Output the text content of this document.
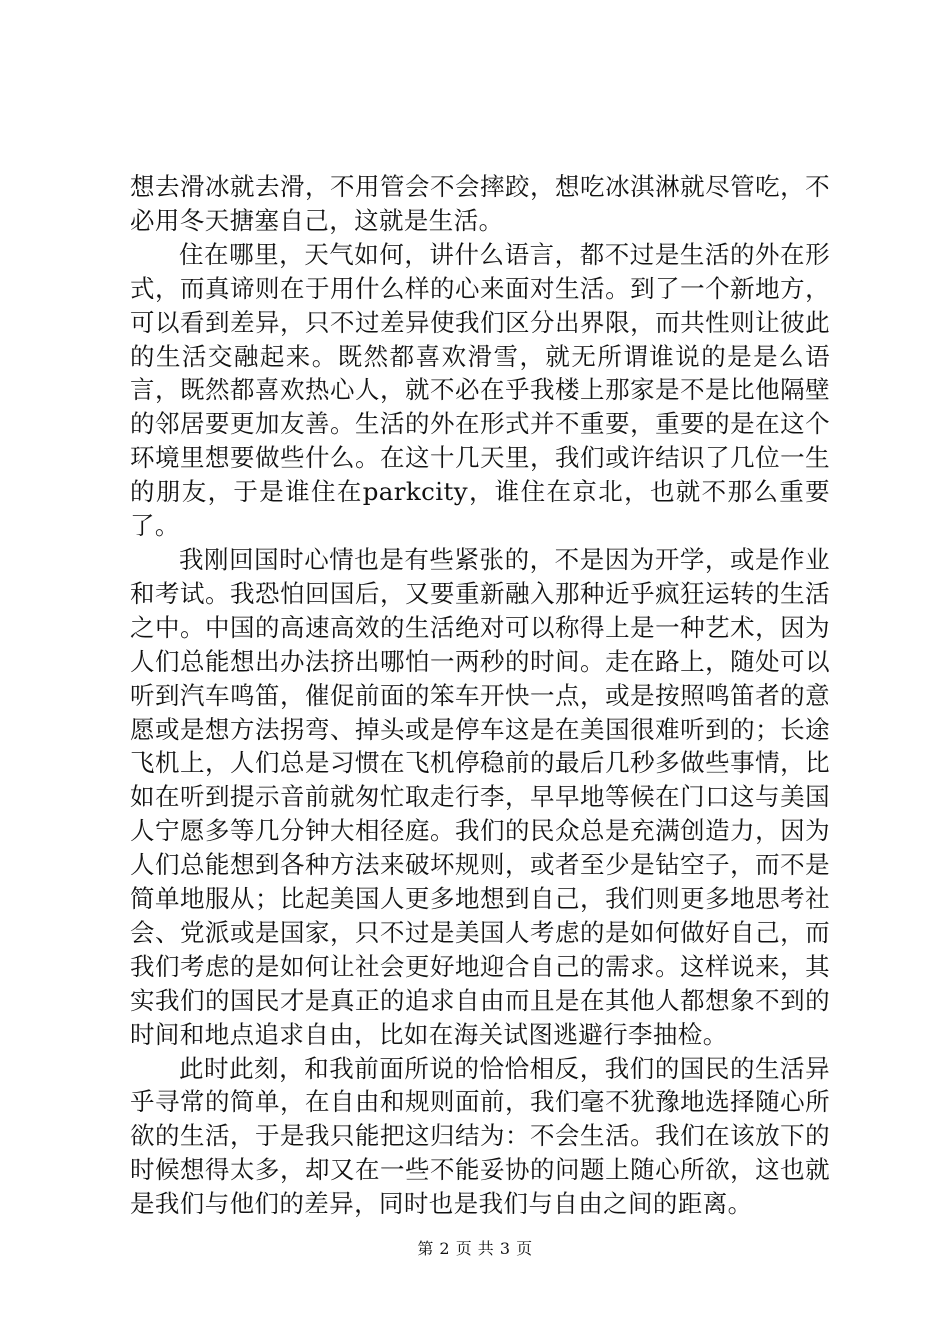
想去滑冰就去滑，不用管会不会摔跤，想吃冰淇淋就尽管吃，不必用冬天搪塞自己，这就是生活。

住在哪里，天气如何，讲什么语言，都不过是生活的外在形式，而真谛则在于用什么样的心来面对生活。到了一个新地方，可以看到差异，只不过差异使我们区分出界限，而共性则让彼此的生活交融起来。既然都喜欢滑雪，就无所谓谁说的是是么语言，既然都喜欢热心人，就不必在乎我楼上那家是不是比他隔壁的邻居要更加友善。生活的外在形式并不重要，重要的是在这个环境里想要做些什么。在这十几天里，我们或许结识了几位一生的朋友，于是谁住在parkcity，谁住在京北，也就不那么重要了。

我刚回国时心情也是有些紧张的，不是因为开学，或是作业和考试。我恐怕回国后，又要重新融入那种近乎疯狂运转的生活之中。中国的高速高效的生活绝对可以称得上是一种艺术，因为人们总能想出办法挤出哪怕一两秒的时间。走在路上，随处可以听到汽车鸣笛，催促前面的笨车开快一点，或是按照鸣笛者的意愿或是想方法拐弯、掉头或是停车这是在美国很难听到的；长途飞机上，人们总是习惯在飞机停稳前的最后几秒多做些事情，比如在听到提示音前就匆忙取走行李，早早地等候在门口这与美国人宁愿多等几分钟大相径庭。我们的民众总是充满创造力，因为人们总能想到各种方法来破坏规则，或者至少是钻空子，而不是简单地服从；比起美国人更多地想到自己，我们则更多地思考社会、党派或是国家，只不过是美国人考虑的是如何做好自己，而我们考虑的是如何让社会更好地迎合自己的需求。这样说来，其实我们的国民才是真正的追求自由而且是在其他人都想象不到的时间和地点追求自由，比如在海关试图逃避行李抽检。

此时此刻，和我前面所说的恰恰相反，我们的国民的生活异乎寻常的简单，在自由和规则面前，我们毫不犹豫地选择随心所欲的生活，于是我只能把这归结为：不会生活。我们在该放下的时候想得太多，却又在一些不能妥协的问题上随心所欲，这也就是我们与他们的差异，同时也是我们与自由之间的距离。

第 2 页 共 3 页
